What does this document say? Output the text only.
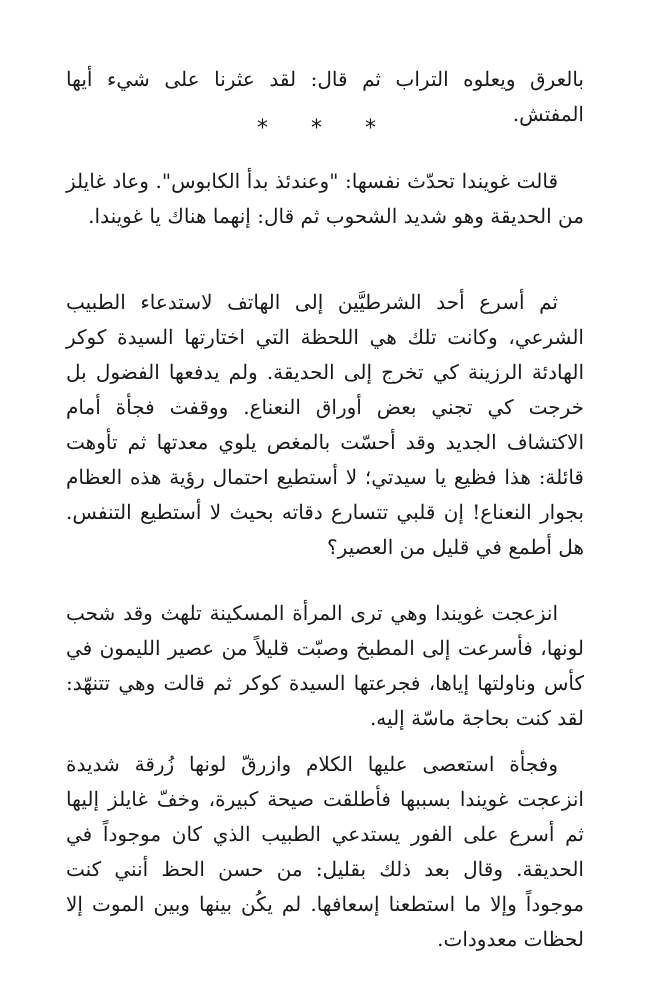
بالعرق ويعلوه التراب ثم قال: لقد عثرنا على شيء أيها المفتش.

* * *

قالت غويندا تحدّث نفسها: "وعندئذ بدأ الكابوس". وعاد غايلز من الحديقة وهو شديد الشحوب ثم قال: إنهما هناك يا غويندا.

ثم أسرع أحد الشرطيَّين إلى الهاتف لاستدعاء الطبيب الشرعي، وكانت تلك هي اللحظة التي اختارتها السيدة كوكر الهادئة الرزينة كي تخرج إلى الحديقة. ولم يدفعها الفضول بل خرجت كي تجني بعض أوراق النعناع. ووقفت فجأة أمام الاكتشاف الجديد وقد أحسّت بالمغص يلوي معدتها ثم تأوهت قائلة: هذا فظيع يا سيدتي؛ لا أستطيع احتمال رؤية هذه العظام بجوار النعناع! إن قلبي تتسارع دقاته بحيث لا أستطيع التنفس. هل أطمع في قليل من العصير؟

انزعجت غويندا وهي ترى المرأة المسكينة تلهث وقد شحب لونها، فأسرعت إلى المطبخ وصبّت قليلاً من عصير الليمون في كأس وناولتها إياها، فجرعتها السيدة كوكر ثم قالت وهي تتنهّد: لقد كنت بحاجة ماسّة إليه.

وفجأة استعصى عليها الكلام وازرقّ لونها زُرقة شديدة انزعجت غويندا بسببها فأطلقت صيحة كبيرة، وخفّ غايلز إليها ثم أسرع على الفور يستدعي الطبيب الذي كان موجوداً في الحديقة. وقال بعد ذلك بقليل: من حسن الحظ أنني كنت موجوداً وإلا ما استطعنا إسعافها. لم يكُن بينها وبين الموت إلا لحظات معدودات.
